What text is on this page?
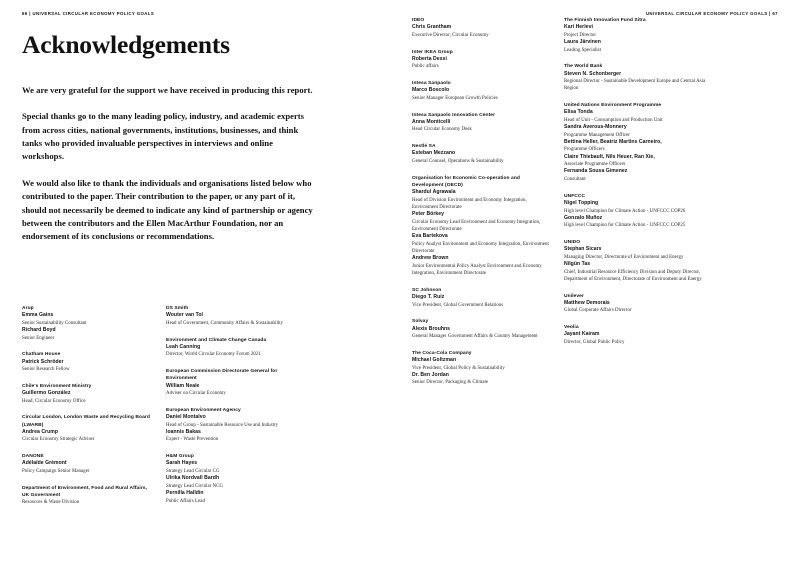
66 | UNIVERSAL CIRCULAR ECONOMY POLICY GOALS
Acknowledgements

We are very grateful for the support we have received in producing this report.

Special thanks go to the many leading policy, industry, and academic experts from across cities, national governments, institutions, businesses, and think tanks who provided invaluable perspectives in interviews and online workshops.

We would also like to thank the individuals and organisations listed below who contributed to the paper. Their contribution to the paper, or any part of it, should not necessarily be deemed to indicate any kind of partnership or agency between the contributors and the Ellen MacArthur Foundation, nor an endorsement of its conclusions or recommendations.

Arup
Emma Gains
Senior Sustainability Consultant
Richard Boyd
Senior Engineer
Chatham House
Patrick Schröder
Senior Research Fellow
Chile's Environment Ministry
Guillermo González
Head, Circular Economy Office
Circular London, London Waste and Recycling Board (LWARB)
Andrea Crump
Circular Economy Strategic Adviser
DANONE
Adélaïde Grémont
Policy Campaign Senior Manager
Department of Environment, Food and Rural Affairs, UK Government
Resources & Waste Division
DS Smith
Wouter van Tol
Head of Government, Community Affairs & Sustainability
Environment and Climate Change Canada
Leah Canning
Director, World Circular Economy Forum 2021
European Commission Directorate General for Environment
William Neale
Adviser on Circular Economy
European Environment Agency
Daniel Montalvo
Head of Group - Sustainable Resource Use and Industry
Ioannis Bakas
Expert - Waste Prevention
H&M Group
Sarah Hayes
Strategy Lead Circular CG
Ulrika Nordvall Bardh
Strategy Lead Circular NCG
Pernilla Halldin
Public Affairs Lead
UNIVERSAL CIRCULAR ECONOMY POLICY GOALS | 67
IDEO
Chris Grantham
Executive Director, Circular Economy
Inter IKEA Group
Roberta Dessi
Public affairs
Intesa Sanpaolo
Marco Boscolo
Senior Manager European Growth Policies
Intesa Sanpaolo Innovation Center
Anna Monticelli
Head Circular Economy Desk
Nestlé SA
Esteban Mezzano
General Counsel, Operations & Sustainability
Organisation for Economic Co-operation and Development (OECD)
Shardul Agrawala
Head of Division Environment and Economy Integration, Environment Directorate
Peter Börkey
Circular Economy Lead Environment and Economy Integration, Environment Directorate
Eva Bartekova
Policy Analyst Environment and Economy Integration, Environment Directorate
Andrew Brown
Junior Environmental Policy Analyst Environment and Economy Integration, Environment Directorate
SC Johnson
Diego T. Ruiz
Vice President, Global Government Relations
Solvay
Alexis Brouhns
General Manager Government Affairs & Country Management
The Coca-Cola Company
Michael Goltzman
Vice President, Global Policy & Sustainability
Dr. Ben Jordan
Senior Director, Packaging & Climate
The Finnish Innovation Fund Sitra
Kari Herlevi
Project Director
Laura Järvinen
Leading Specialist
The World Bank
Steven N. Schonberger
Regional Director - Sustainable Development Europe and Central Asia Region
United Nations Environment Programme
Elisa Tonda
Head of Unit - Consumption and Production Unit
Sandra Averous-Monnery
Programme Management Officer
Bettina Heller, Beatriz Martins Carneiro,
Programme Officers
Claire Thiebault, Nils Heuer, Ran Xie,
Associate Programme Officers
Fernanda Sousa Gimenez
Consultant
UNFCCC
Nigel Topping
High level Champion for Climate Action - UNFCCC COP26
Gonzalo Muñoz
High level Champion for Climate Action - UNFCCC COP25
UNIDO
Stephan Sicars
Managing Director, Directorate of Environment and Energy
Nilgün Tas
Chief, Industrial Resource Efficiency Division and Deputy Director, Department of Environment, Directorate of Environment and Energy
Unilever
Matthew Demorais
Global Corporate Affairs Director
Veolia
Jayant Kairam
Director, Global Public Policy
